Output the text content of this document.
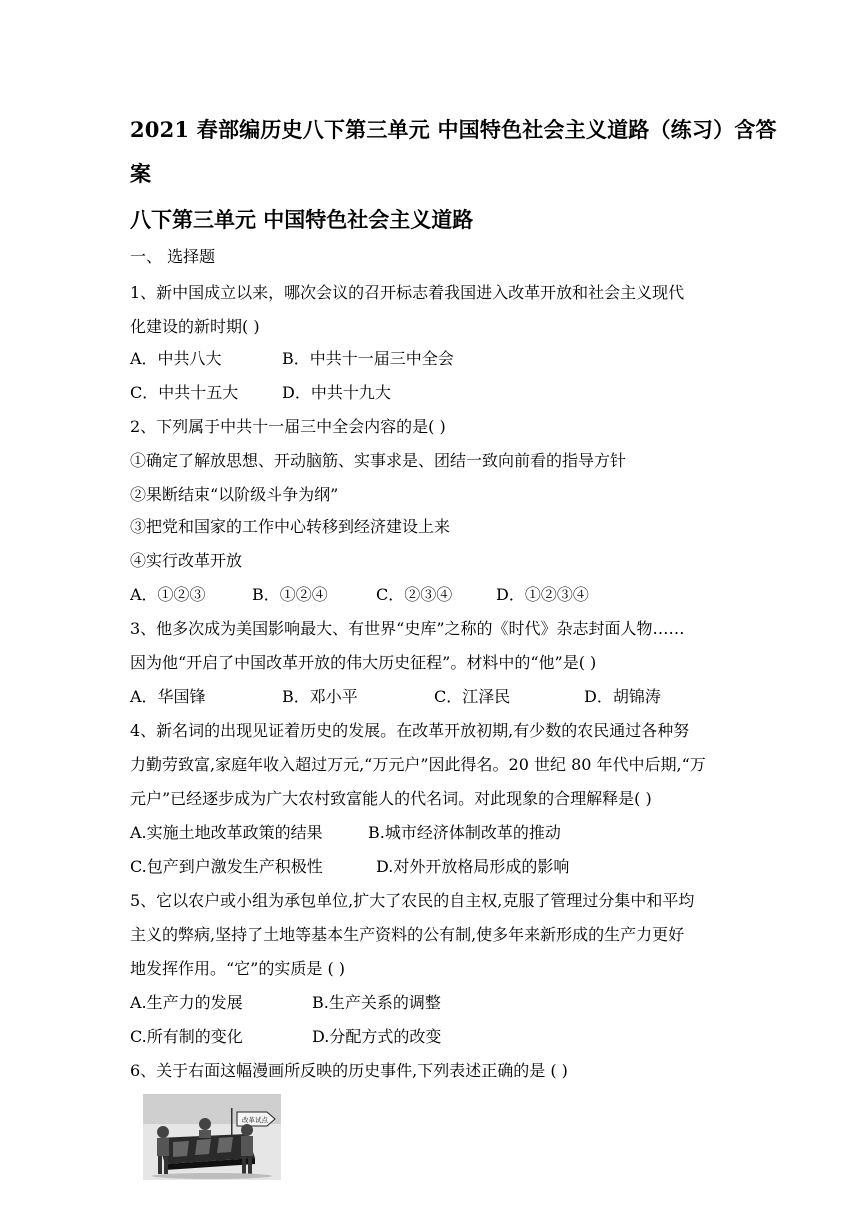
2021 春部编历史八下第三单元 中国特色社会主义道路（练习）含答
案
八下第三单元 中国特色社会主义道路
一、 选择题
1、新中国成立以来，哪次会议的召开标志着我国进入改革开放和社会主义现代
化建设的新时期( )
A．中共八大	B．中共十一届三中全会
C．中共十五大	D．中共十九大
2、下列属于中共十一届三中全会内容的是( )
①确定了解放思想、开动脑筋、实事求是、团结一致向前看的指导方针
②果断结束“以阶级斗争为纲”
③把党和国家的工作中心转移到经济建设上来
④实行改革开放
A．①②③	B．①②④	C．②③④	D．①②③④
3、他多次成为美国影响最大、有世界“史库”之称的《时代》杂志封面人物……
因为他“开启了中国改革开放的伟大历史征程”。材料中的“他”是( )
A．华国锋	B．邓小平	C．江泽民	D．胡锦涛
4、新名词的出现见证着历史的发展。在改革开放初期,有少数的农民通过各种努
力勤劳致富,家庭年收入超过万元,“万元户”因此得名。20 世纪 80 年代中后期,“万
元户”已经逐步成为广大农村致富能人的代名词。对此现象的合理解释是( )
A.实施土地改革政策的结果	B.城市经济体制改革的推动
C.包产到户激发生产积极性	D.对外开放格局形成的影响
5、它以农户或小组为承包单位,扩大了农民的自主权,克服了管理过分集中和平均
主义的弊病,坚持了土地等基本生产资料的公有制,使多年来新形成的生产力更好
地发挥作用。“它”的实质是 ( )
A.生产力的发展	B.生产关系的调整
C.所有制的变化	D.分配方式的改变
6、关于右面这幅漫画所反映的历史事件,下列表述正确的是 ( )
改革试点
